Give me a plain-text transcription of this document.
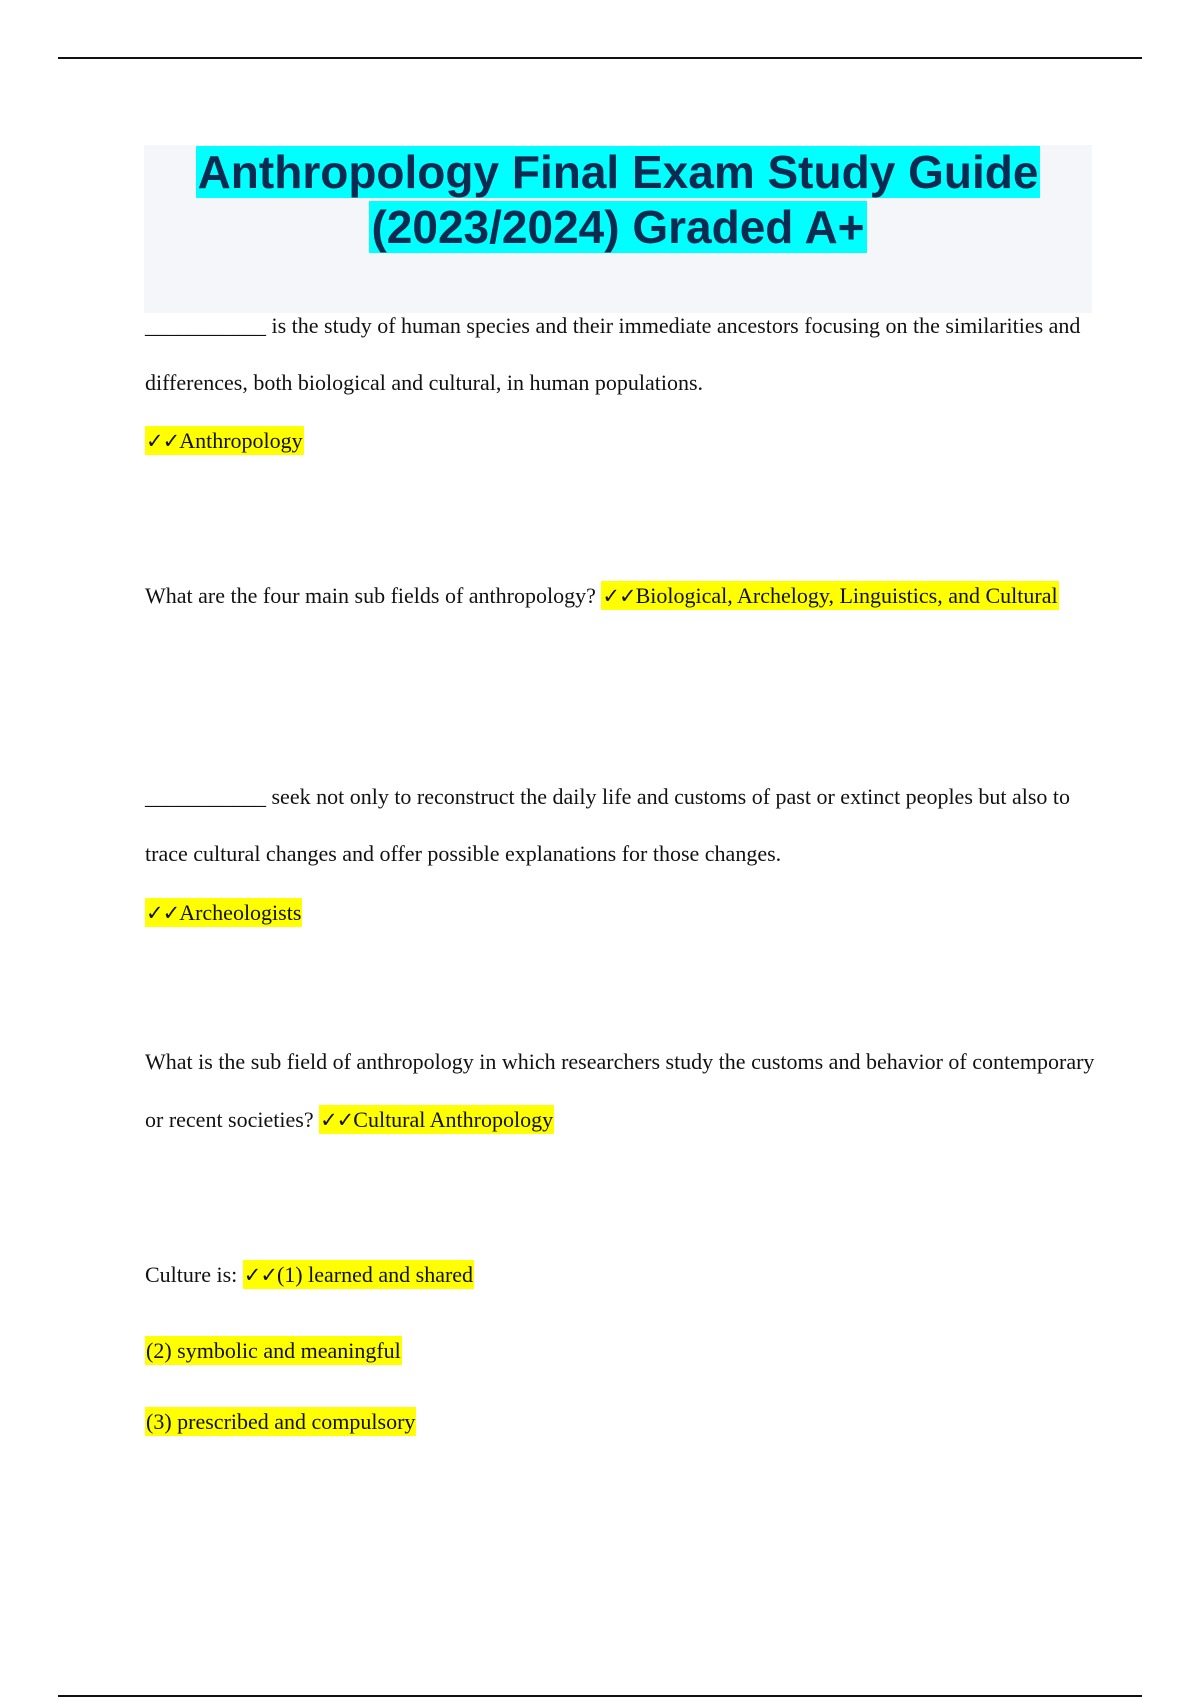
Anthropology Final Exam Study Guide
(2023/2024) Graded A+

___________ is the study of human species and their immediate ancestors focusing on the similarities and differences, both biological and cultural, in human populations.

✓✓Anthropology

What are the four main sub fields of anthropology? ✓✓Biological, Archelogy, Linguistics, and Cultural

___________ seek not only to reconstruct the daily life and customs of past or extinct peoples but also to trace cultural changes and offer possible explanations for those changes.

✓✓Archeologists

What is the sub field of anthropology in which researchers study the customs and behavior of contemporary or recent societies? ✓✓Cultural Anthropology

Culture is: ✓✓(1) learned and shared

(2) symbolic and meaningful

(3) prescribed and compulsory
